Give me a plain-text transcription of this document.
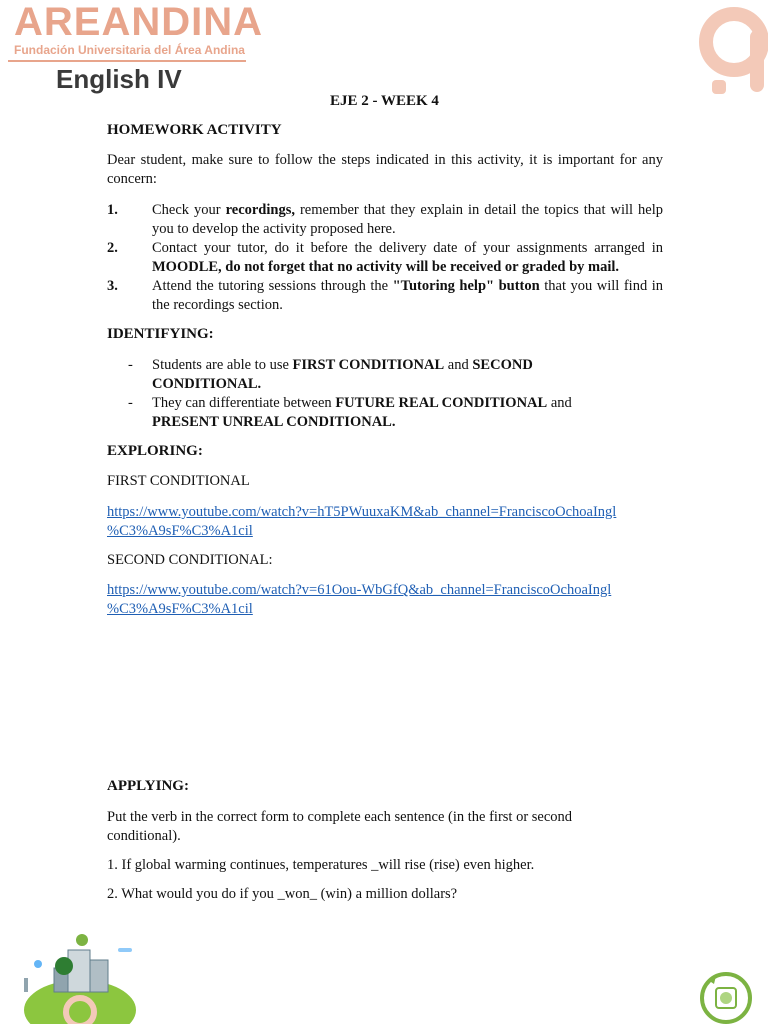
AREANDINA
Fundación Universitaria del Área Andina
English IV
EJE 2 - WEEK 4
HOMEWORK ACTIVITY
Dear student, make sure to follow the steps indicated in this activity, it is important for any concern:
1. Check your recordings, remember that they explain in detail the topics that will help you to develop the activity proposed here.
2. Contact your tutor, do it before the delivery date of your assignments arranged in MOODLE, do not forget that no activity will be received or graded by mail.
3. Attend the tutoring sessions through the "Tutoring help" button that you will find in the recordings section.
IDENTIFYING:
- Students are able to use FIRST CONDITIONAL and SECOND CONDITIONAL.
- They can differentiate between FUTURE REAL CONDITIONAL and PRESENT UNREAL CONDITIONAL.
EXPLORING:
FIRST CONDITIONAL
https://www.youtube.com/watch?v=hT5PWuuxaKM&ab_channel=FranciscoOchoaIngl
%C3%A9sF%C3%A1cil
SECOND CONDITIONAL:
https://www.youtube.com/watch?v=61Oou-WbGfQ&ab_channel=FranciscoOchoaIngl
%C3%A9sF%C3%A1cil
APPLYING:
Put the verb in the correct form to complete each sentence (in the first or second conditional).
1. If global warming continues, temperatures _will rise (rise) even higher.
2. What would you do if you _won_ (win) a million dollars?
